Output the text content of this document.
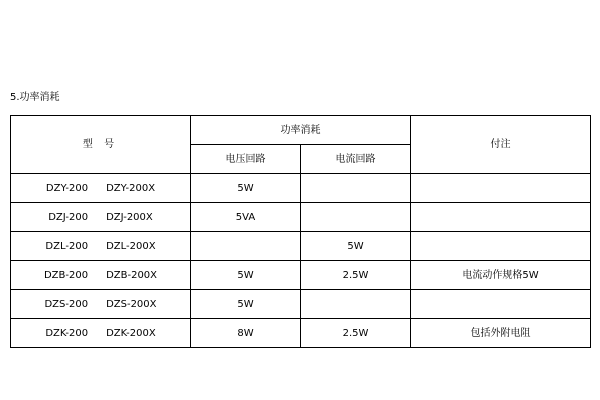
5.功率消耗
型 号	功率消耗		付注
	电压回路	电流回路	

DZY-200 DZY-200X	5W		

DZJ-200 DZJ-200X	5VA		

DZL-200 DZL-200X		5W	

DZB-200 DZB-200X	5W	2.5W	电流动作规格5W

DZS-200 DZS-200X	5W		

DZK-200 DZK-200X	8W	2.5W	包括外附电阻
